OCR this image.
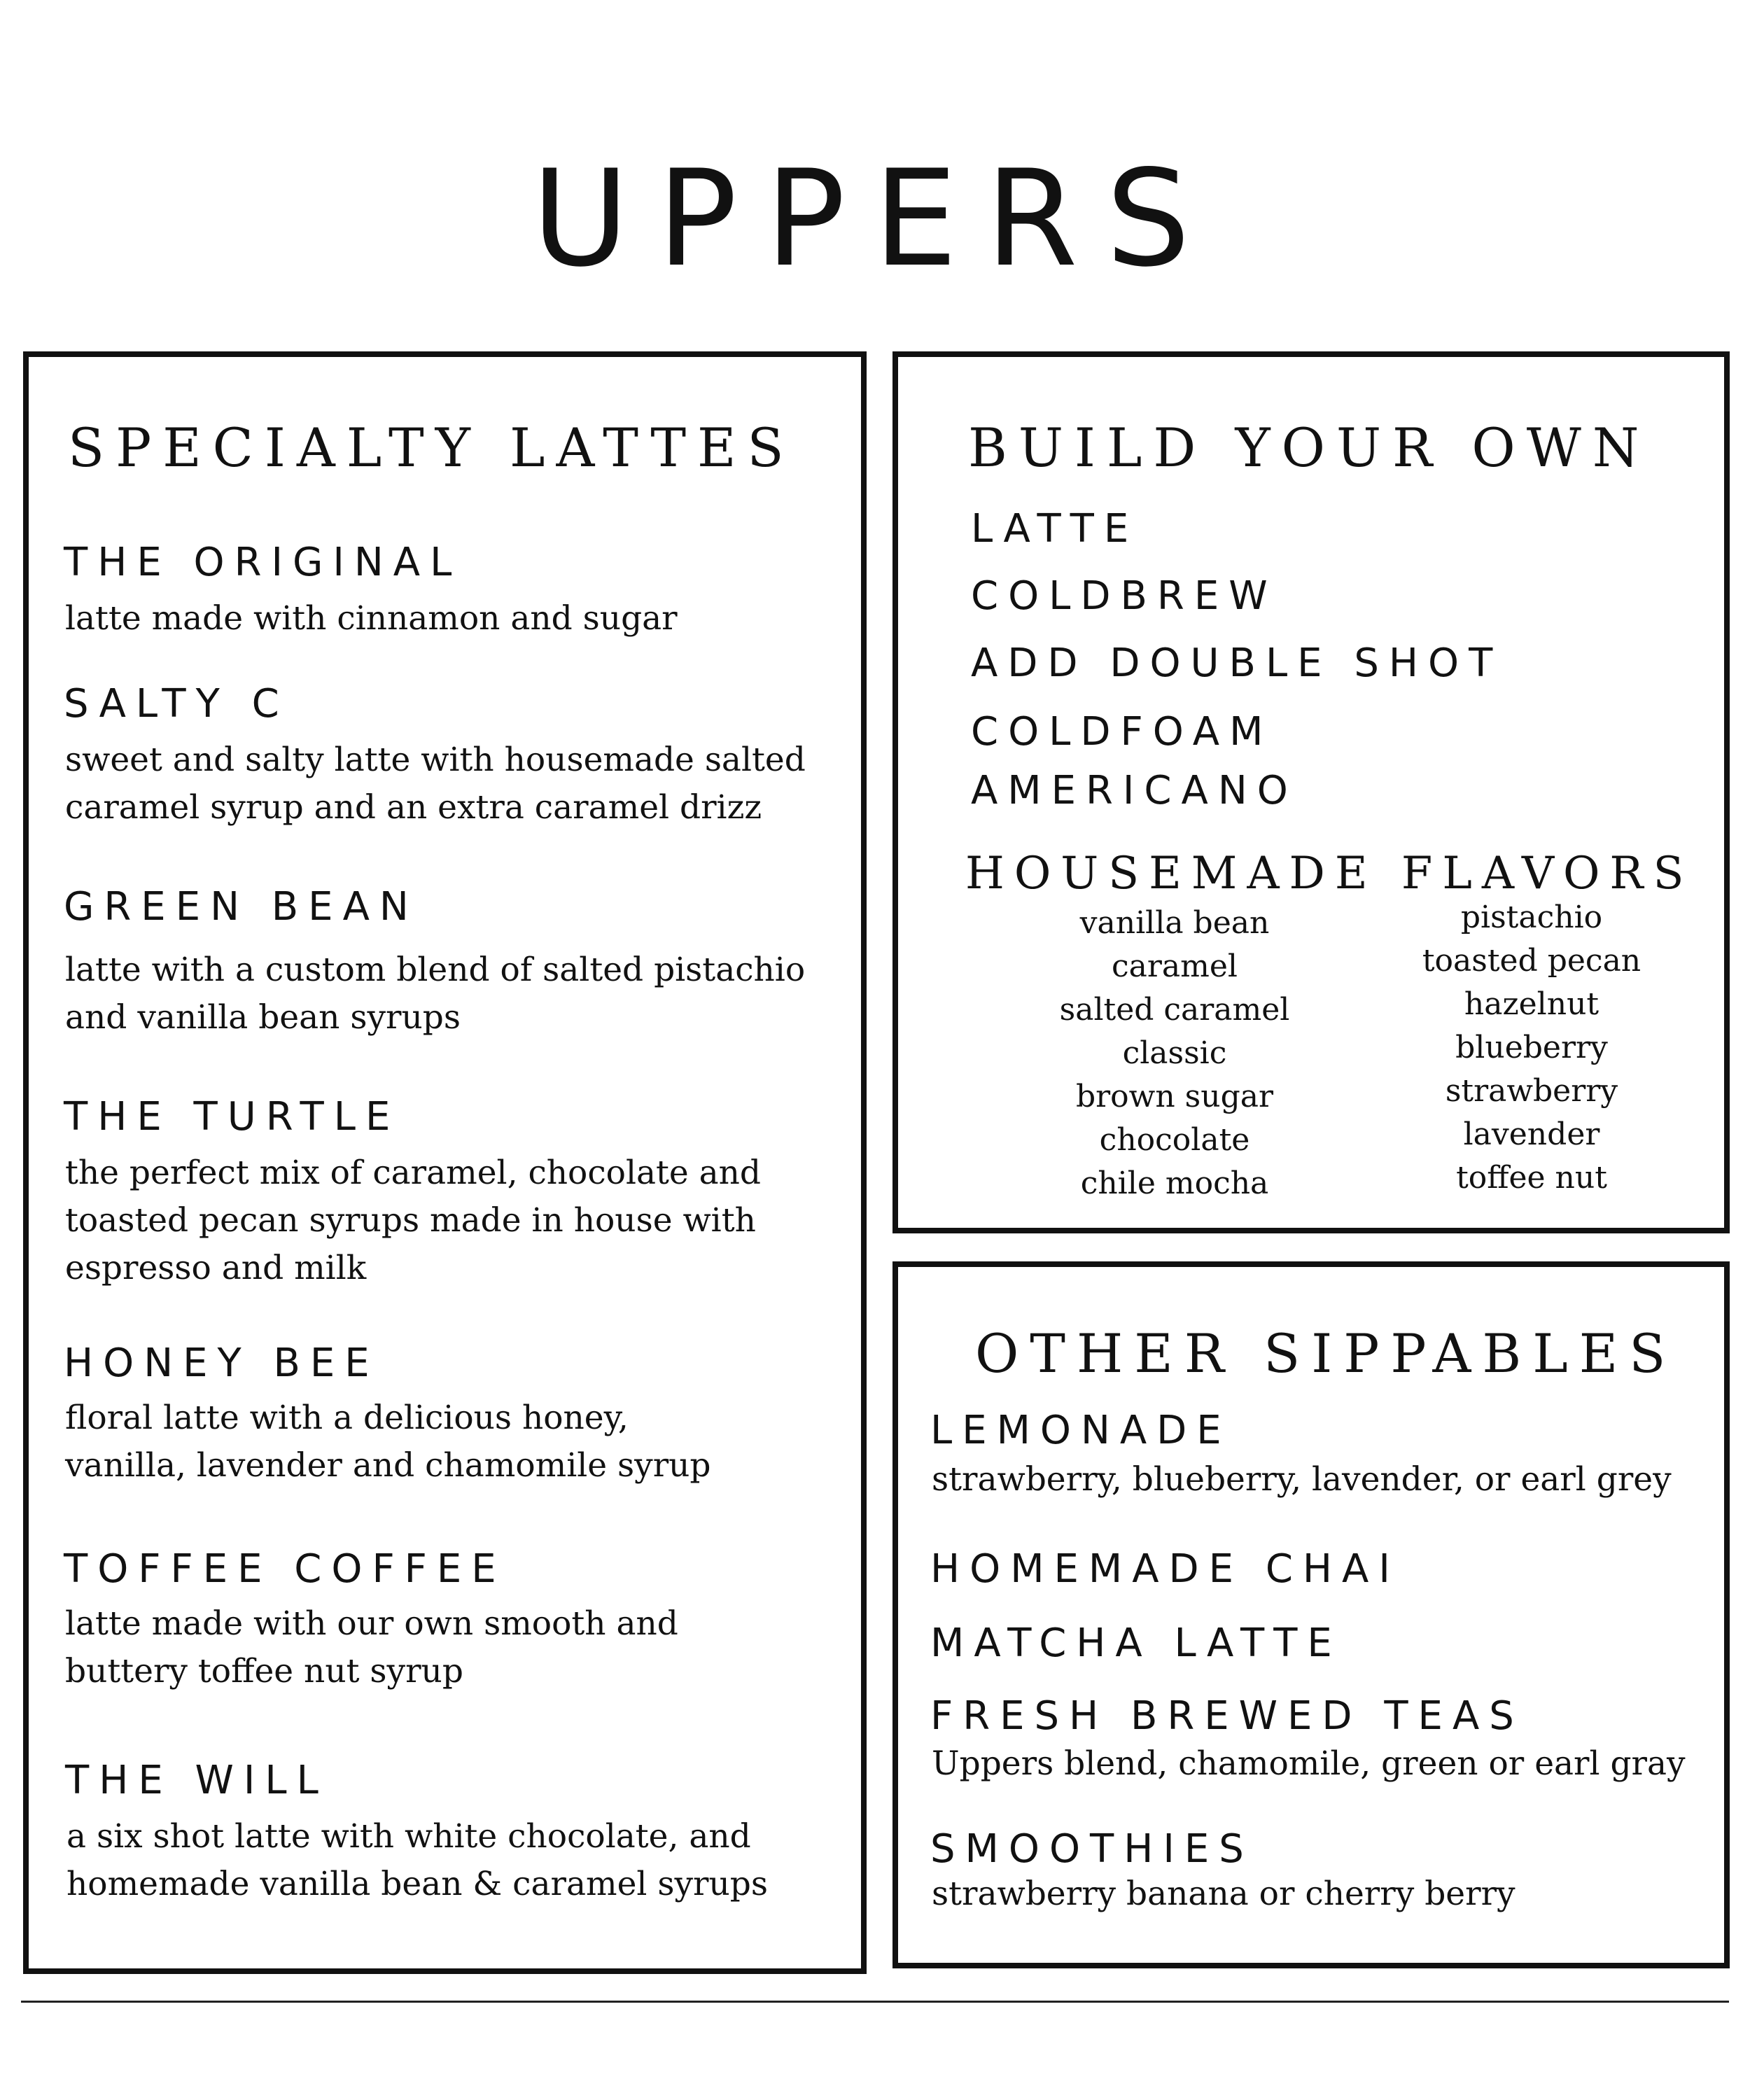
UPPERS
SPECIALTY LATTES
THE ORIGINAL
latte made with cinnamon and sugar
SALTY C
sweet and salty latte with housemade salted
caramel syrup and an extra caramel drizz
GREEN BEAN
latte with a custom blend of salted pistachio
and vanilla bean syrups
THE TURTLE
the perfect mix of caramel, chocolate and
toasted pecan syrups made in house with
espresso and milk
HONEY BEE
floral latte with a delicious honey,
vanilla, lavender and chamomile syrup
TOFFEE COFFEE
latte made with our own smooth and
buttery toffee nut syrup
THE WILL
a six shot latte with white chocolate, and
homemade vanilla bean & caramel syrups
BUILD YOUR OWN
LATTE
COLDBREW
ADD DOUBLE SHOT
COLDFOAM
AMERICANO
HOUSEMADE FLAVORS
vanilla bean
caramel
salted caramel
classic
brown sugar
chocolate
chile mocha
pistachio
toasted pecan
hazelnut
blueberry
strawberry
lavender
toffee nut
OTHER SIPPABLES
LEMONADE
strawberry, blueberry, lavender, or earl grey
HOMEMADE CHAI
MATCHA LATTE
FRESH BREWED TEAS
Uppers blend, chamomile, green or earl gray
SMOOTHIES
strawberry banana or cherry berry
